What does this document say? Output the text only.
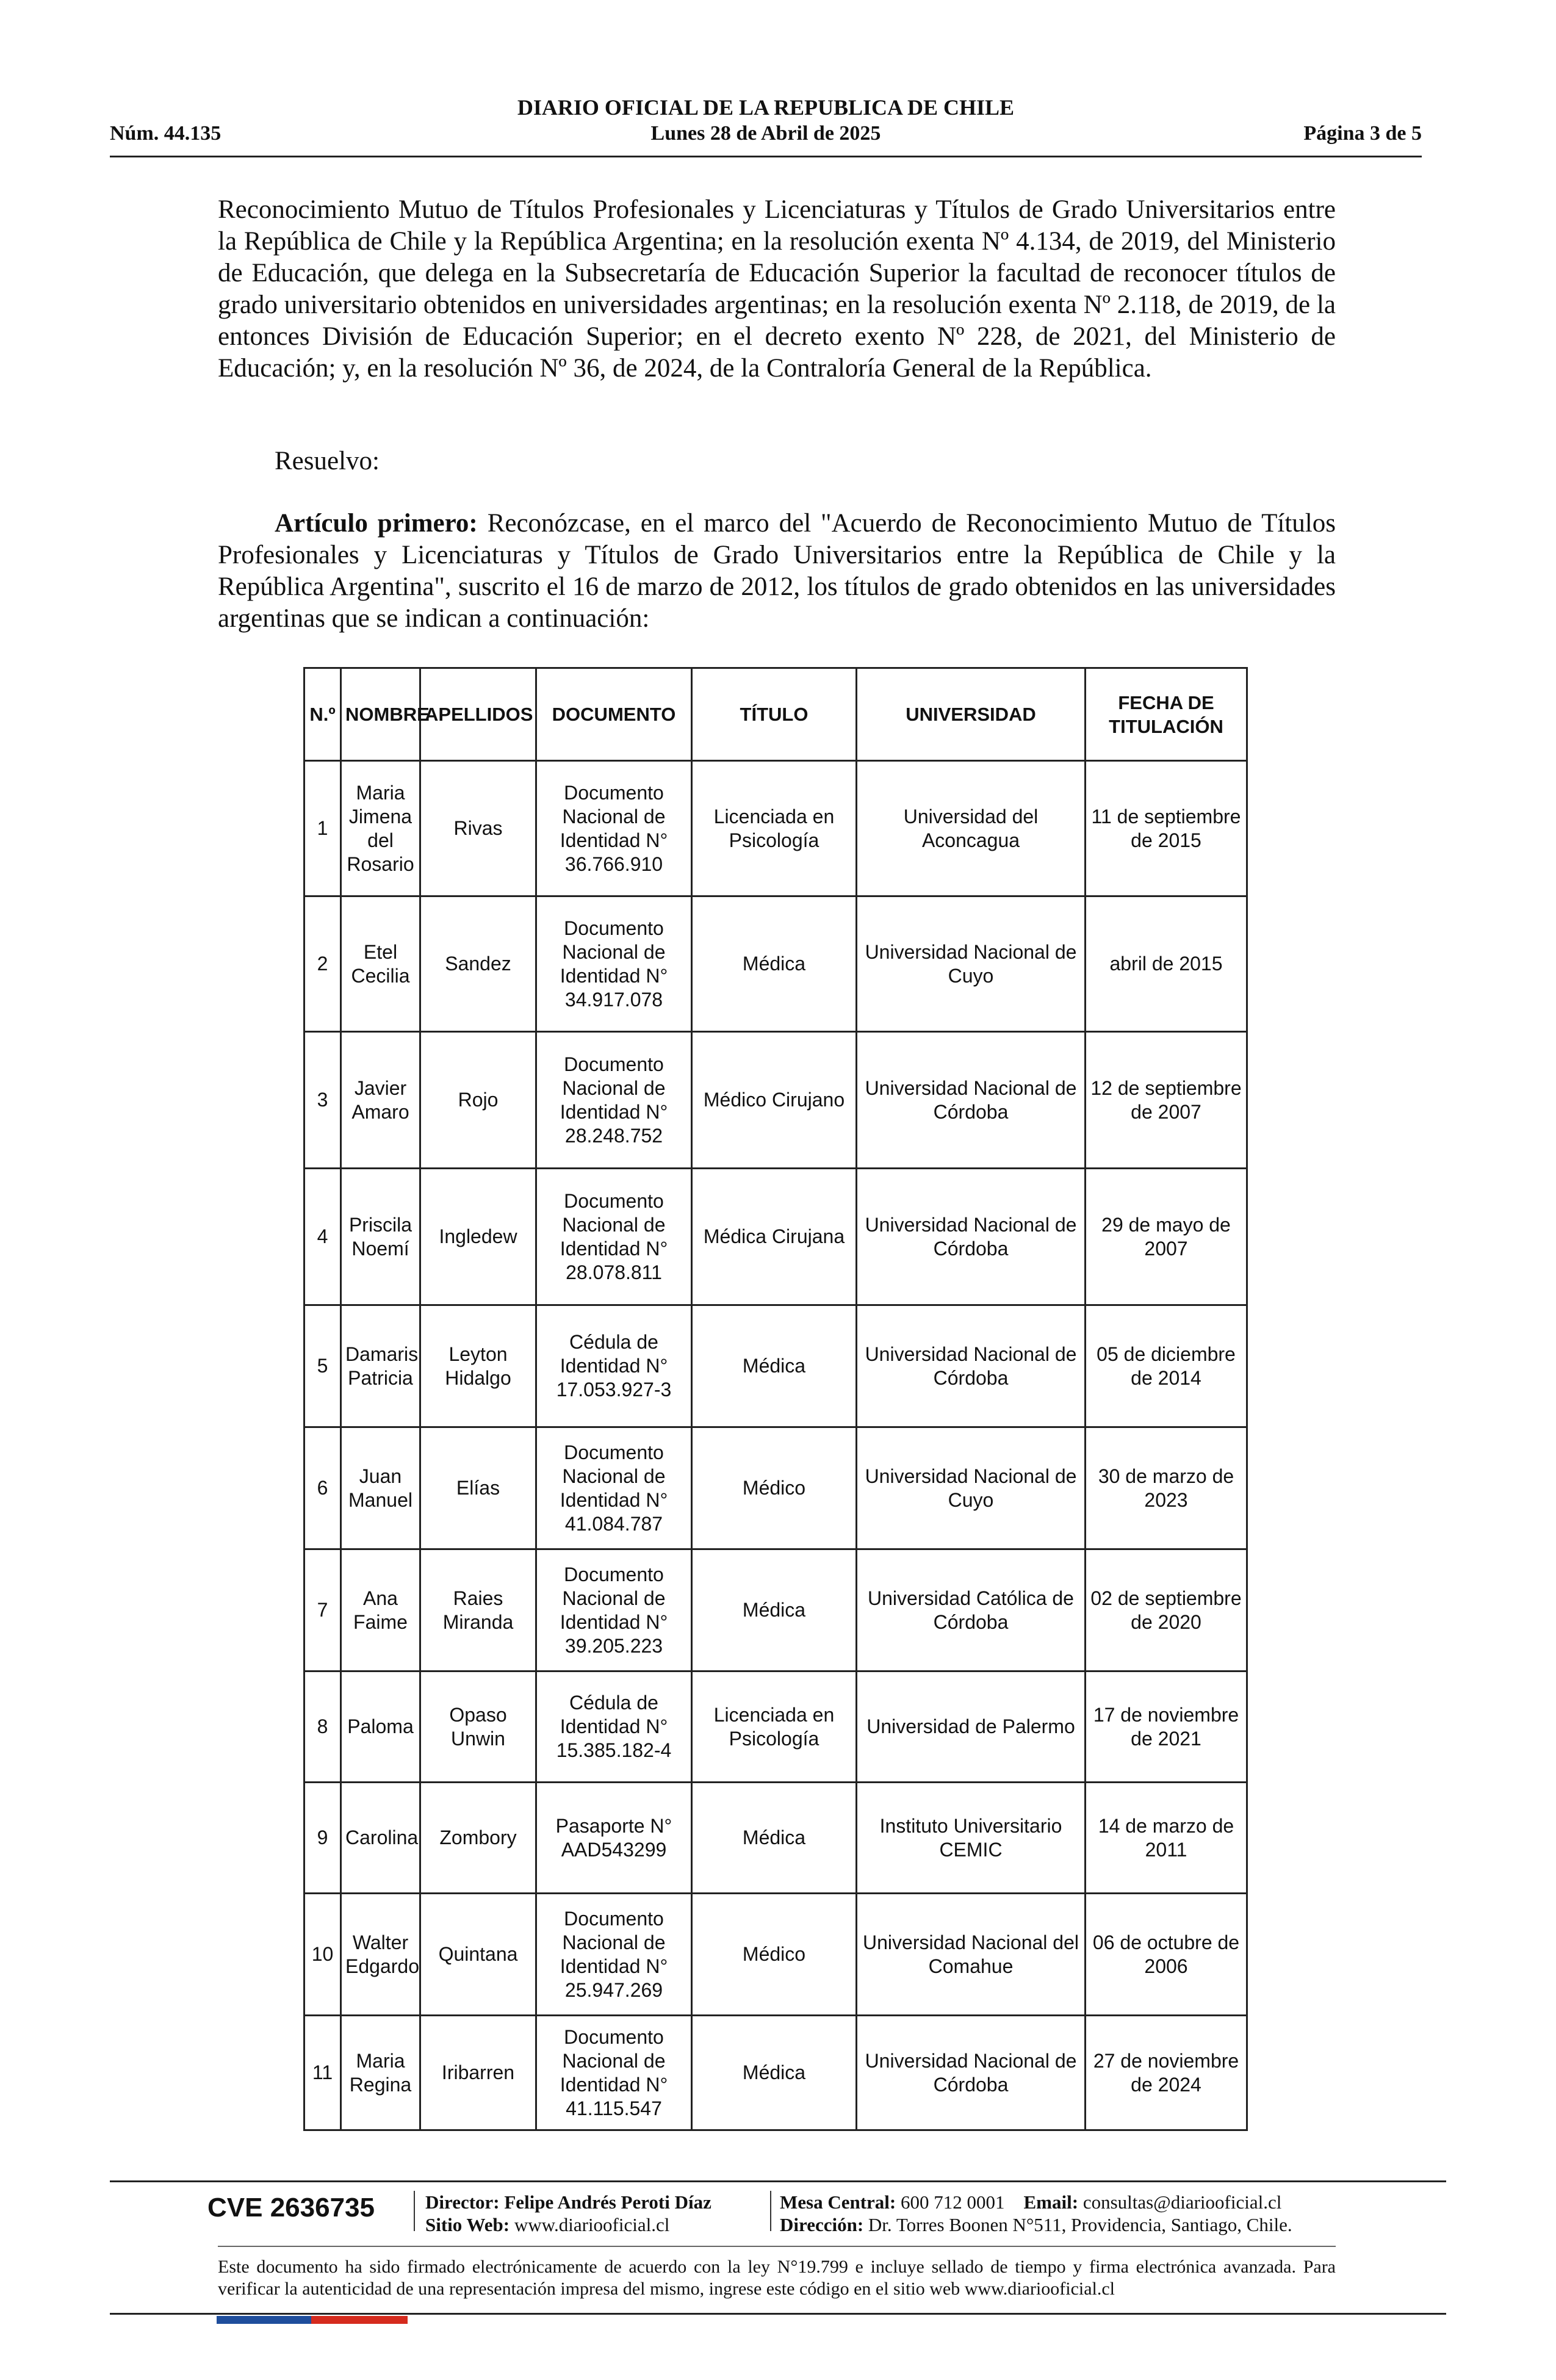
DIARIO OFICIAL DE LA REPUBLICA DE CHILE
Núm. 44.135	Lunes 28 de Abril de 2025	Página 3 de 5
Reconocimiento Mutuo de Títulos Profesionales y Licenciaturas y Títulos de Grado Universitarios entre la República de Chile y la República Argentina; en la resolución exenta Nº 4.134, de 2019, del Ministerio de Educación, que delega en la Subsecretaría de Educación Superior la facultad de reconocer títulos de grado universitario obtenidos en universidades argentinas; en la resolución exenta Nº 2.118, de 2019, de la entonces División de Educación Superior; en el decreto exento Nº 228, de 2021, del Ministerio de Educación; y, en la resolución Nº 36, de 2024, de la Contraloría General de la República.
Resuelvo:
Artículo primero: Reconózcase, en el marco del "Acuerdo de Reconocimiento Mutuo de Títulos Profesionales y Licenciaturas y Títulos de Grado Universitarios entre la República de Chile y la República Argentina", suscrito el 16 de marzo de 2012, los títulos de grado obtenidos en las universidades argentinas que se indican a continuación:
N.º	NOMBRE	APELLIDOS	DOCUMENTO	TÍTULO	UNIVERSIDAD	FECHA DE TITULACIÓN
1	Maria Jimena del Rosario	Rivas	Documento Nacional de Identidad N° 36.766.910	Licenciada en Psicología	Universidad del Aconcagua	11 de septiembre de 2015
2	Etel Cecilia	Sandez	Documento Nacional de Identidad N° 34.917.078	Médica	Universidad Nacional de Cuyo	abril de 2015
3	Javier Amaro	Rojo	Documento Nacional de Identidad N° 28.248.752	Médico Cirujano	Universidad Nacional de Córdoba	12 de septiembre de 2007
4	Priscila Noemí	Ingledew	Documento Nacional de Identidad N° 28.078.811	Médica Cirujana	Universidad Nacional de Córdoba	29 de mayo de 2007
5	Damaris Patricia	Leyton Hidalgo	Cédula de Identidad N° 17.053.927-3	Médica	Universidad Nacional de Córdoba	05 de diciembre de 2014
6	Juan Manuel	Elías	Documento Nacional de Identidad N° 41.084.787	Médico	Universidad Nacional de Cuyo	30 de marzo de 2023
7	Ana Faime	Raies Miranda	Documento Nacional de Identidad N° 39.205.223	Médica	Universidad Católica de Córdoba	02 de septiembre de 2020
8	Paloma	Opaso Unwin	Cédula de Identidad N° 15.385.182-4	Licenciada en Psicología	Universidad de Palermo	17 de noviembre de 2021
9	Carolina	Zombory	Pasaporte N° AAD543299	Médica	Instituto Universitario CEMIC	14 de marzo de 2011
10	Walter Edgardo	Quintana	Documento Nacional de Identidad N° 25.947.269	Médico	Universidad Nacional del Comahue	06 de octubre de 2006
11	Maria Regina	Iribarren	Documento Nacional de Identidad N° 41.115.547	Médica	Universidad Nacional de Córdoba	27 de noviembre de 2024
CVE 2636735	Director: Felipe Andrés Peroti Díaz
Sitio Web: www.diariooficial.cl
Mesa Central: 600 712 0001 Email: consultas@diariooficial.cl
Dirección: Dr. Torres Boonen N°511, Providencia, Santiago, Chile.
Este documento ha sido firmado electrónicamente de acuerdo con la ley N°19.799 e incluye sellado de tiempo y firma electrónica avanzada. Para verificar la autenticidad de una representación impresa del mismo, ingrese este código en el sitio web www.diariooficial.cl
